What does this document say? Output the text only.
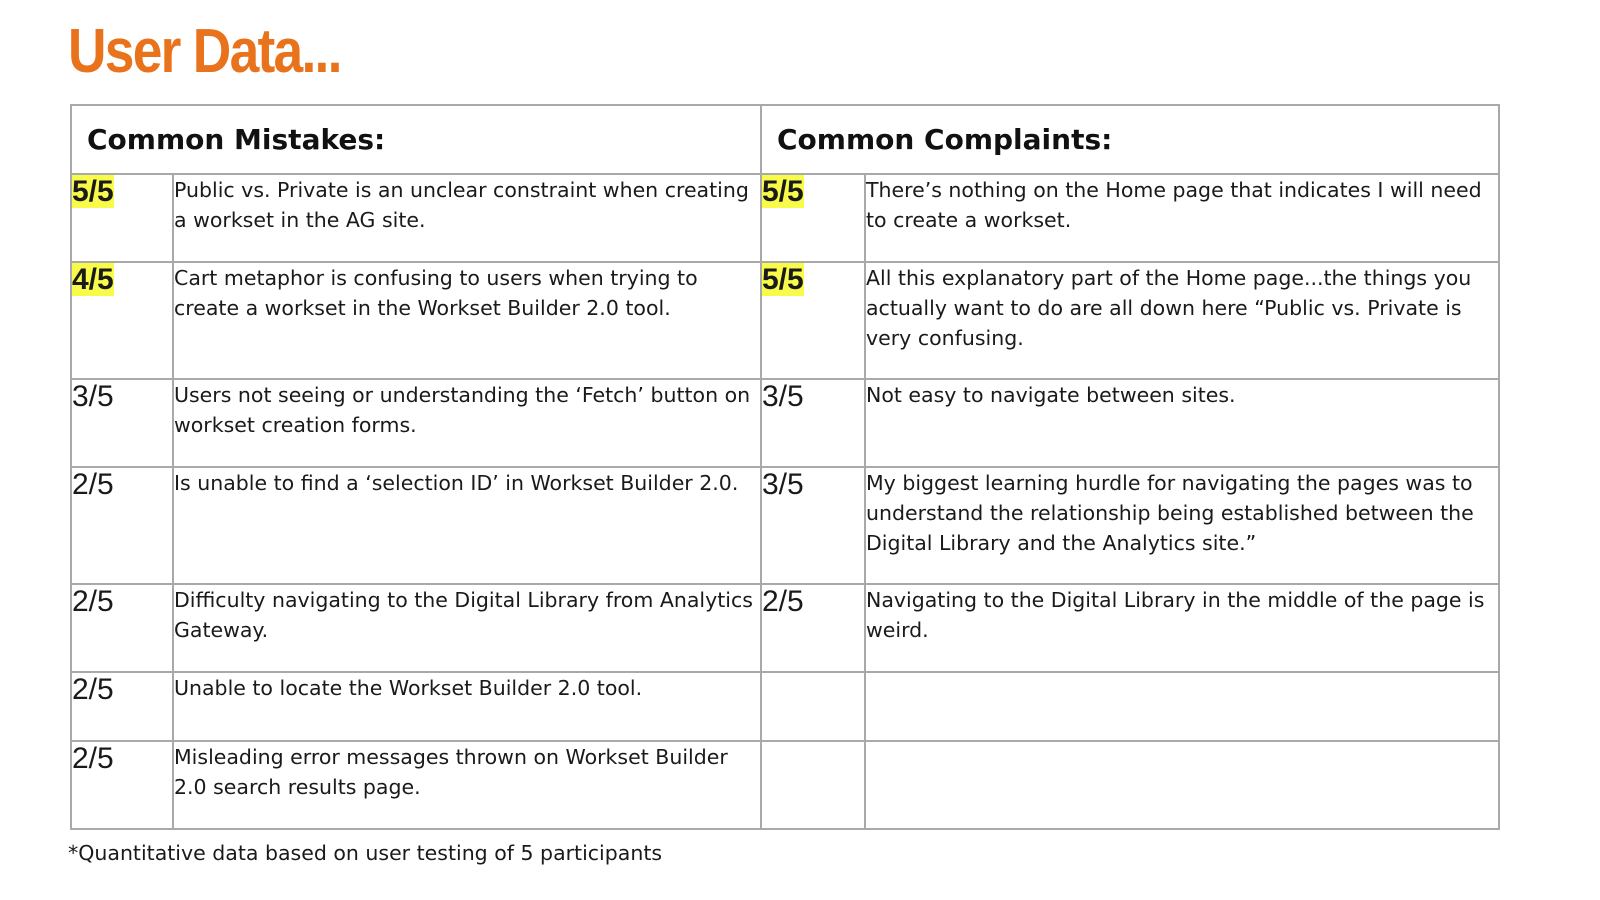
User Data...
Common Mistakes:		Common Complaints:	
5/5	Public vs. Private is an unclear constraint when creating a workset in the AG site.	5/5	There’s nothing on the Home page that indicates I will need to create a workset.
4/5	Cart metaphor is confusing to users when trying to create a workset in the Workset Builder 2.0 tool.	5/5	All this explanatory part of the Home page...the things you actually want to do are all down here “Public vs. Private is very confusing.
3/5	Users not seeing or understanding the ‘Fetch’ button on workset creation forms.	3/5	Not easy to navigate between sites.
2/5	Is unable to find a ‘selection ID’ in Workset Builder 2.0.	3/5	My biggest learning hurdle for navigating the pages was to understand the relationship being established between the Digital Library and the Analytics site.”
2/5	Difficulty navigating to the Digital Library from Analytics Gateway.	2/5	Navigating to the Digital Library in the middle of the page is weird.
2/5	Unable to locate the Workset Builder 2.0 tool.		
2/5	Misleading error messages thrown on Workset Builder 2.0 search results page.		
*Quantitative data based on user testing of 5 participants
